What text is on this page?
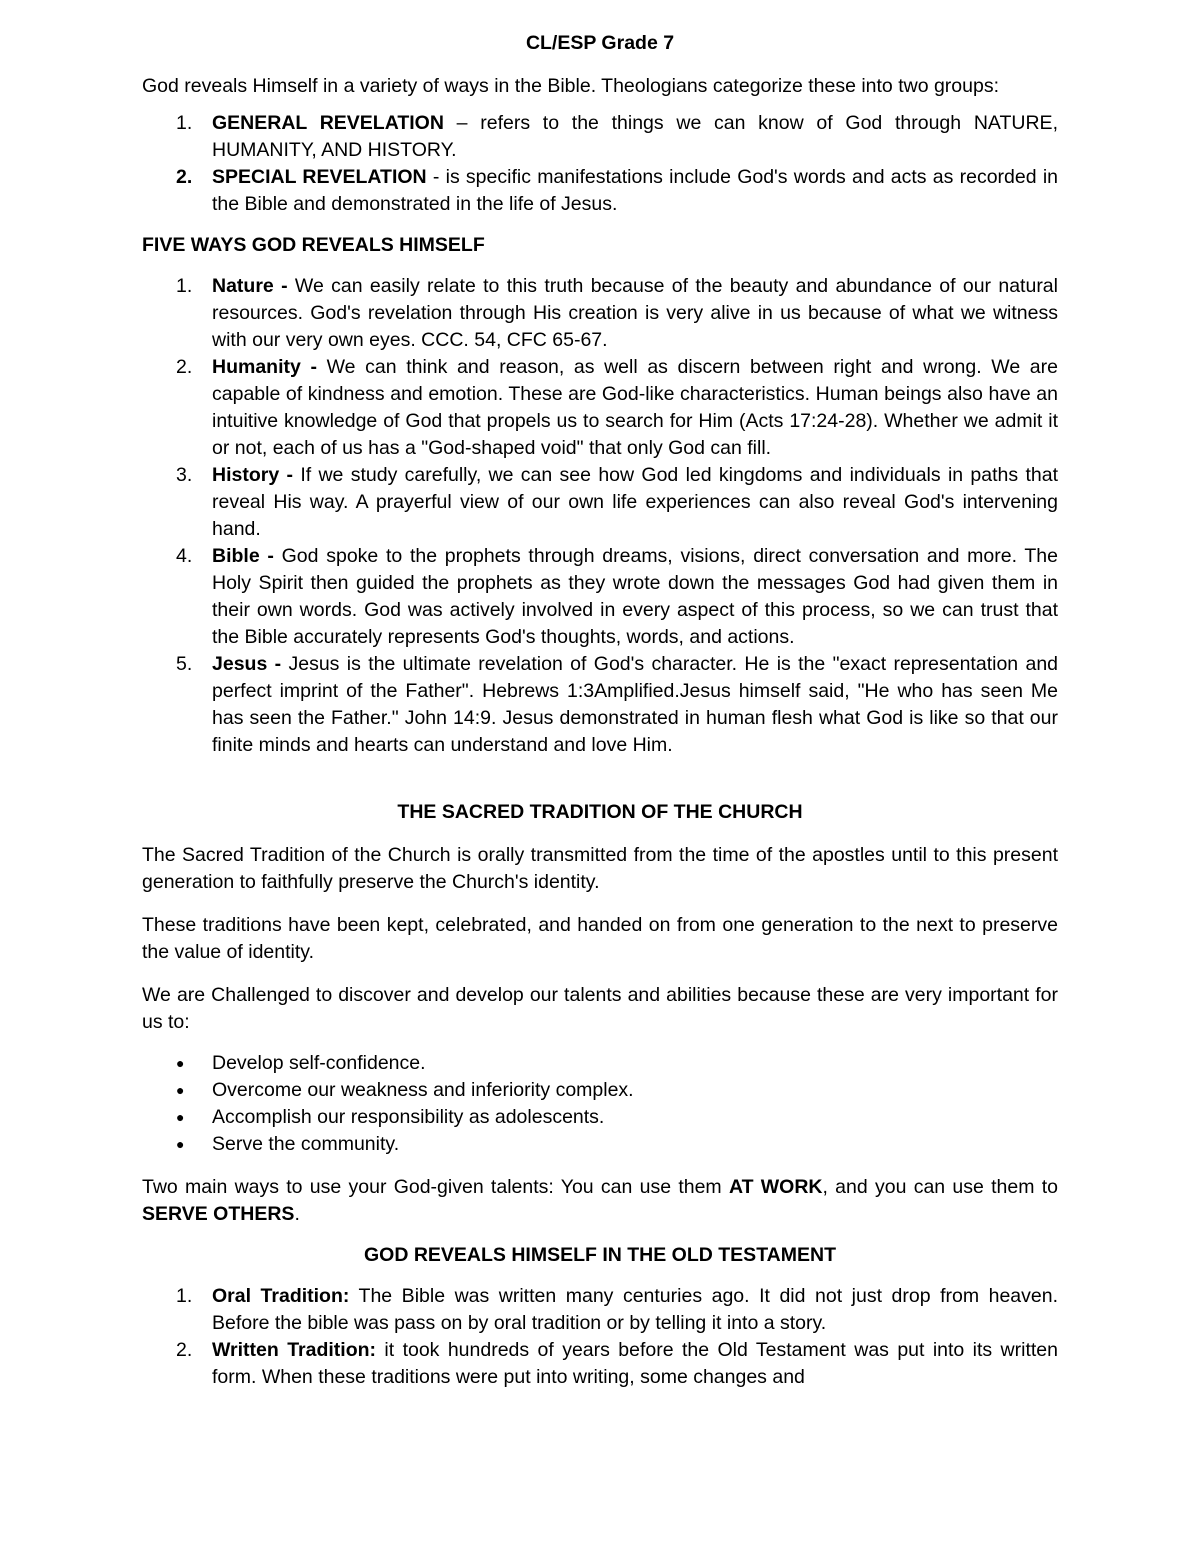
CL/ESP Grade 7

God reveals Himself in a variety of ways in the Bible. Theologians categorize these into two groups:

1. GENERAL REVELATION – refers to the things we can know of God through NATURE, HUMANITY, AND HISTORY.
2. SPECIAL REVELATION - is specific manifestations include God's words and acts as recorded in the Bible and demonstrated in the life of Jesus.

FIVE WAYS GOD REVEALS HIMSELF

1. Nature - We can easily relate to this truth because of the beauty and abundance of our natural resources. God's revelation through His creation is very alive in us because of what we witness with our very own eyes. CCC. 54, CFC 65-67.
2. Humanity - We can think and reason, as well as discern between right and wrong. We are capable of kindness and emotion. These are God-like characteristics. Human beings also have an intuitive knowledge of God that propels us to search for Him (Acts 17:24-28). Whether we admit it or not, each of us has a "God-shaped void" that only God can fill.
3. History - If we study carefully, we can see how God led kingdoms and individuals in paths that reveal His way. A prayerful view of our own life experiences can also reveal God's intervening hand.
4. Bible - God spoke to the prophets through dreams, visions, direct conversation and more. The Holy Spirit then guided the prophets as they wrote down the messages God had given them in their own words. God was actively involved in every aspect of this process, so we can trust that the Bible accurately represents God's thoughts, words, and actions.
5. Jesus - Jesus is the ultimate revelation of God's character. He is the "exact representation and perfect imprint of the Father". Hebrews 1:3Amplified.Jesus himself said, "He who has seen Me has seen the Father." John 14:9. Jesus demonstrated in human flesh what God is like so that our finite minds and hearts can understand and love Him.

THE SACRED TRADITION OF THE CHURCH

The Sacred Tradition of the Church is orally transmitted from the time of the apostles until to this present generation to faithfully preserve the Church's identity.

These traditions have been kept, celebrated, and handed on from one generation to the next to preserve the value of identity.

We are Challenged to discover and develop our talents and abilities because these are very important for us to:

● Develop self-confidence.
● Overcome our weakness and inferiority complex.
● Accomplish our responsibility as adolescents.
● Serve the community.

Two main ways to use your God-given talents: You can use them AT WORK, and you can use them to SERVE OTHERS.

GOD REVEALS HIMSELF IN THE OLD TESTAMENT

1. Oral Tradition: The Bible was written many centuries ago. It did not just drop from heaven. Before the bible was pass on by oral tradition or by telling it into a story.
2. Written Tradition: it took hundreds of years before the Old Testament was put into its written form. When these traditions were put into writing, some changes and
